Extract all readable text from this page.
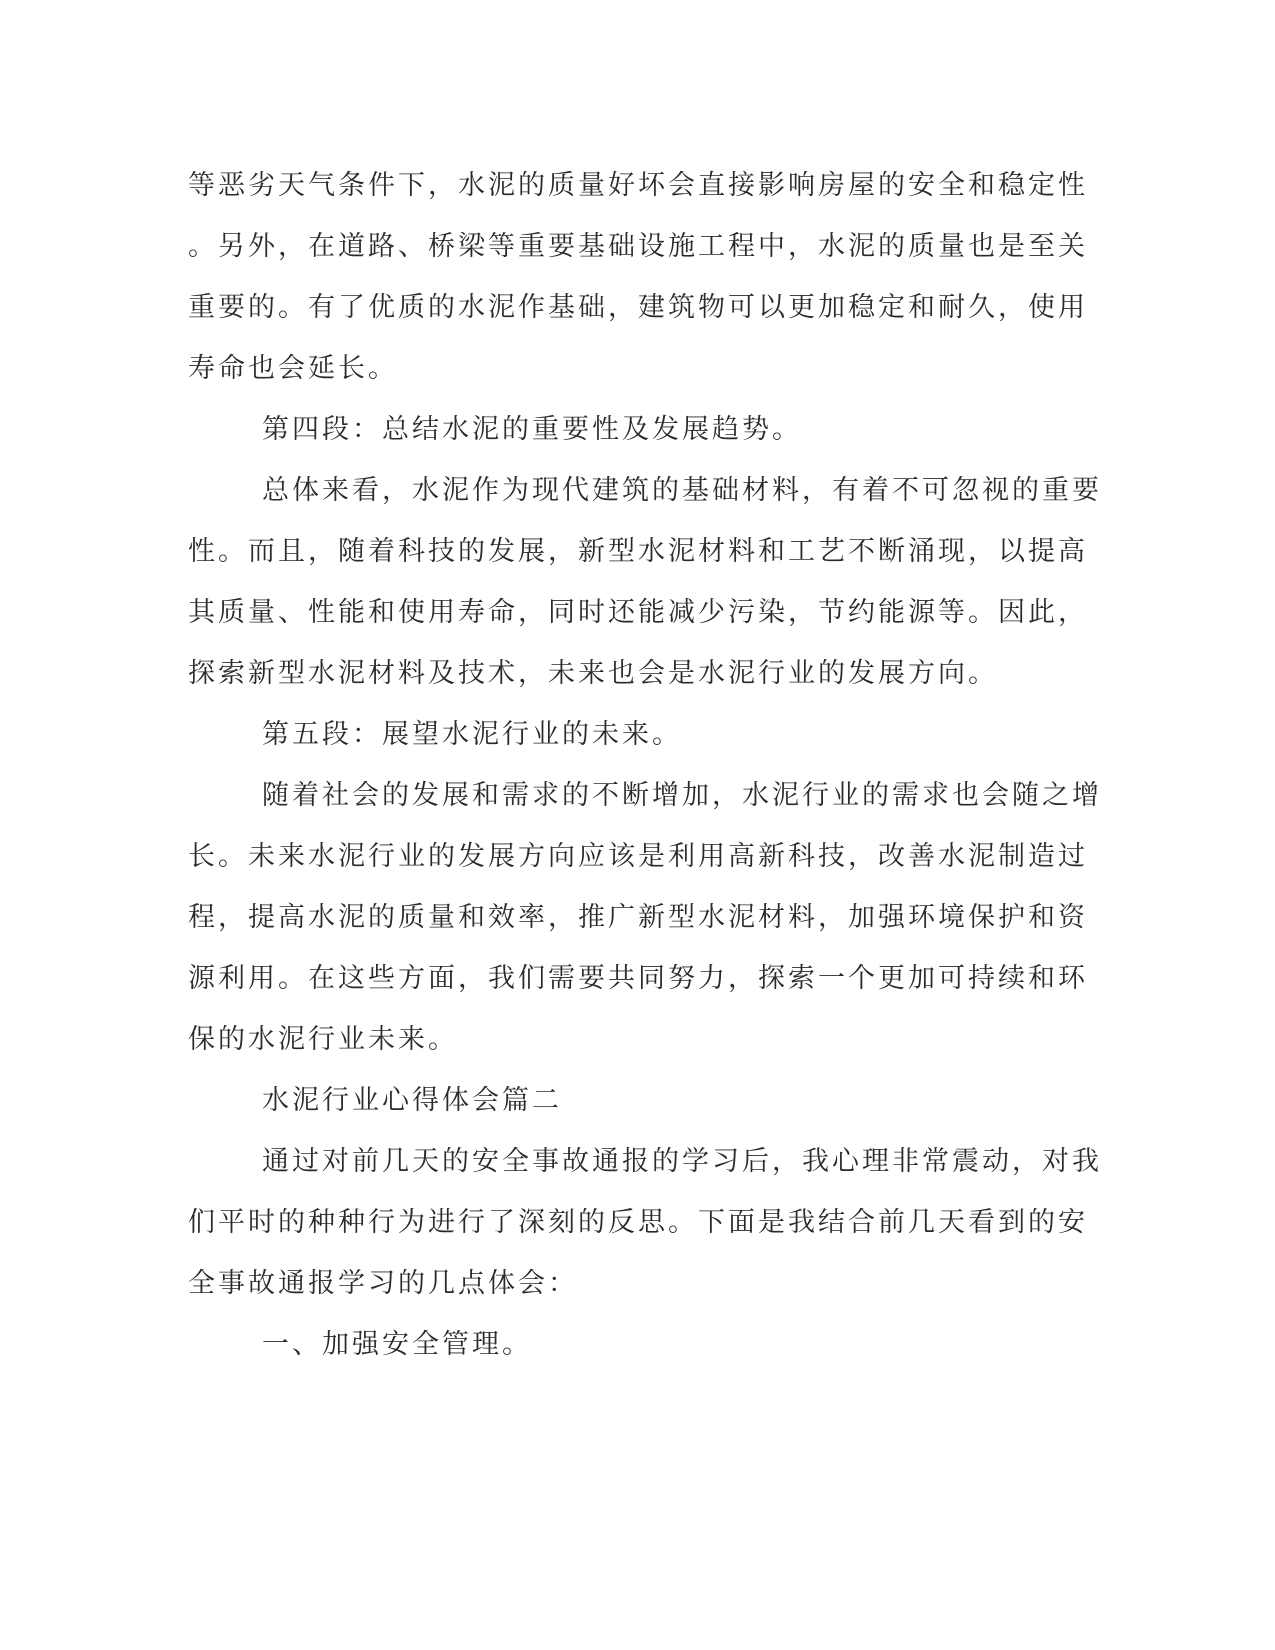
等恶劣天气条件下，水泥的质量好坏会直接影响房屋的安全和稳定性

。另外，在道路、桥梁等重要基础设施工程中，水泥的质量也是至关

重要的。有了优质的水泥作基础，建筑物可以更加稳定和耐久，使用

寿命也会延长。

第四段：总结水泥的重要性及发展趋势。

总体来看，水泥作为现代建筑的基础材料，有着不可忽视的重要

性。而且，随着科技的发展，新型水泥材料和工艺不断涌现，以提高

其质量、性能和使用寿命，同时还能减少污染，节约能源等。因此，

探索新型水泥材料及技术，未来也会是水泥行业的发展方向。

第五段：展望水泥行业的未来。

随着社会的发展和需求的不断增加，水泥行业的需求也会随之增

长。未来水泥行业的发展方向应该是利用高新科技，改善水泥制造过

程，提高水泥的质量和效率，推广新型水泥材料，加强环境保护和资

源利用。在这些方面，我们需要共同努力，探索一个更加可持续和环

保的水泥行业未来。

水泥行业心得体会篇二

通过对前几天的安全事故通报的学习后，我心理非常震动，对我

们平时的种种行为进行了深刻的反思。下面是我结合前几天看到的安

全事故通报学习的几点体会：

一、加强安全管理。
